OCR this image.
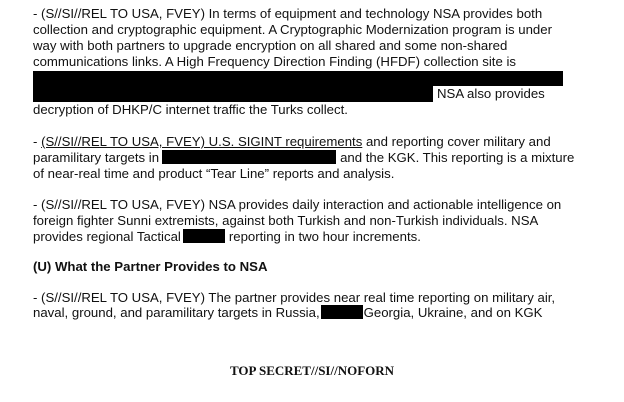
- (S//SI//REL TO USA, FVEY) In terms of equipment and technology NSA provides both
collection and cryptographic equipment. A Cryptographic Modernization program is under
way with both partners to upgrade encryption on all shared and some non-shared
communications links. A High Frequency Direction Finding (HFDF) collection site is
NSA also provides
decryption of DHKP/C internet traffic the Turks collect.
- (S//SI//REL TO USA, FVEY) U.S. SIGINT requirements and reporting cover military and
paramilitary targets in	and the KGK. This reporting is a mixture
of near-real time and product “Tear Line” reports and analysis.
- (S//SI//REL TO USA, FVEY) NSA provides daily interaction and actionable intelligence on
foreign fighter Sunni extremists, against both Turkish and non-Turkish individuals. NSA
provides regional Tactical	reporting in two hour increments.
(U) What the Partner Provides to NSA
- (S//SI//REL TO USA, FVEY) The partner provides near real time reporting on military air,
naval, ground, and paramilitary targets in Russia,	Georgia, Ukraine, and on KGK
TOP SECRET//SI//NOFORN
